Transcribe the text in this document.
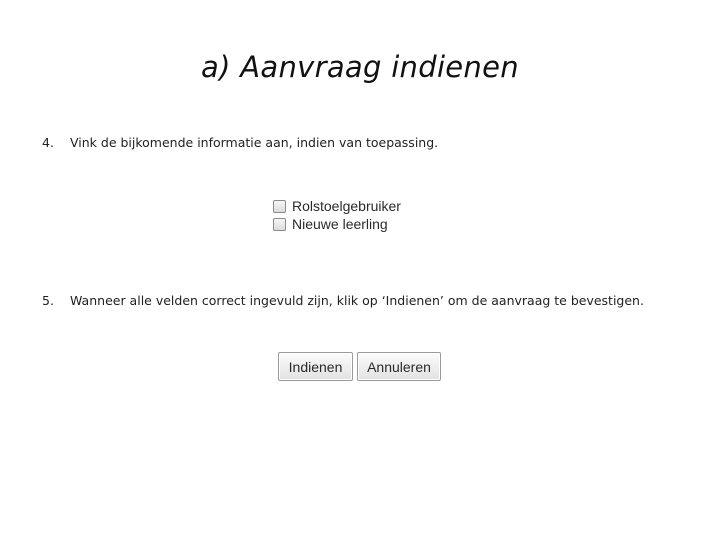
a) Aanvraag indienen
4. Vink de bijkomende informatie aan, indien van toepassing.
Rolstoelgebruiker
Nieuwe leerling
5. Wanneer alle velden correct ingevuld zijn, klik op ‘Indienen’ om de aanvraag te bevestigen.
Indienen	Annuleren
